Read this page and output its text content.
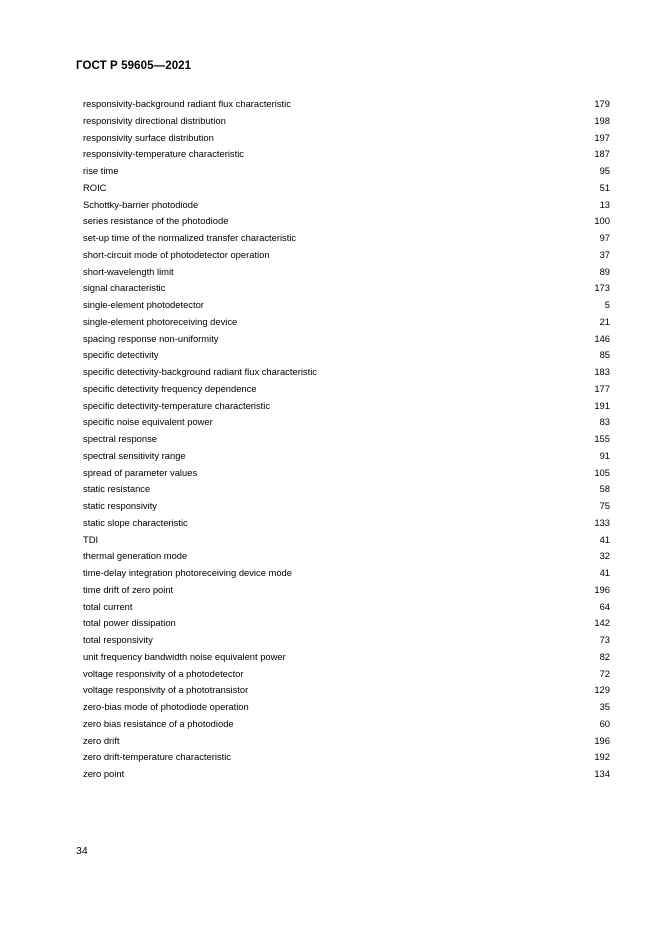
ГОСТ Р 59605—2021
responsivity-background radiant flux characteristic	179
responsivity directional distribution	198
responsivity surface distribution	197
responsivity-temperature characteristic	187
rise time	95
ROIC	51
Schottky-barrier photodiode	13
series resistance of the photodiode	100
set-up time of the normalized transfer characteristic	97
short-circuit mode of photodetector operation	37
short-wavelength limit	89
signal characteristic	173
single-element photodetector	5
single-element photoreceiving device	21
spacing response non-uniformity	146
specific detectivity	85
specific detectivity-background radiant flux characteristic	183
specific detectivity frequency dependence	177
specific detectivity-temperature characteristic	191
specific noise equivalent power	83
spectral response	155
spectral sensitivity range	91
spread of parameter values	105
static resistance	58
static responsivity	75
static slope characteristic	133
TDI	41
thermal generation mode	32
time-delay integration photoreceiving device mode	41
time drift of zero point	196
total current	64
total power dissipation	142
total responsivity	73
unit frequency bandwidth noise equivalent power	82
voltage responsivity of a photodetector	72
voltage responsivity of a phototransistor	129
zero-bias mode of photodiode operation	35
zero bias resistance of a photodiode	60
zero drift	196
zero drift-temperature characteristic	192
zero point	134
34
